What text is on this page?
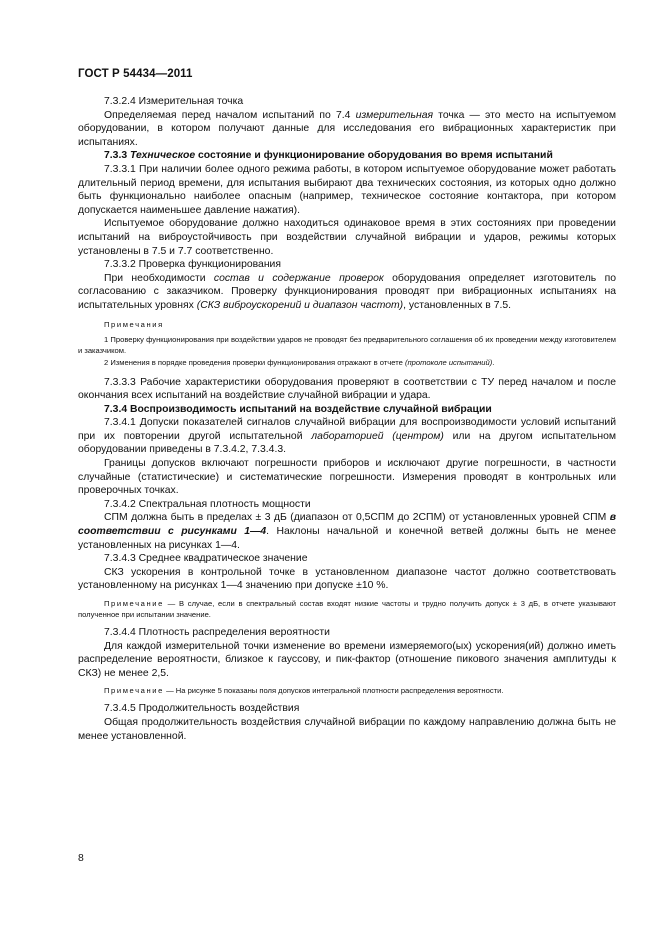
ГОСТ Р 54434—2011

7.3.2.4 Измерительная точка

Определяемая перед началом испытаний по 7.4 измерительная точка — это место на испытуемом оборудовании, в котором получают данные для исследования его вибрационных характеристик при испытаниях.

7.3.3 Техническое состояние и функционирование оборудования во время испытаний

7.3.3.1 При наличии более одного режима работы, в котором испытуемое оборудование может работать длительный период времени, для испытания выбирают два технических состояния, из которых одно должно быть функционально наиболее опасным (например, техническое состояние контактора, при котором допускается наименьшее давление нажатия).

Испытуемое оборудование должно находиться одинаковое время в этих состояниях при проведении испытаний на виброустойчивость при воздействии случайной вибрации и ударов, режимы которых установлены в 7.5 и 7.7 соответственно.

7.3.3.2 Проверка функционирования

При необходимости состав и содержание проверок оборудования определяет изготовитель по согласованию с заказчиком. Проверку функционирования проводят при вибрационных испытаниях на испытательных уровнях (СКЗ виброускорений и диапазон частот), установленных в 7.5.

Примечания

1 Проверку функционирования при воздействии ударов не проводят без предварительного соглашения об их проведении между изготовителем и заказчиком.

2 Изменения в порядке проведения проверки функционирования отражают в отчете (протоколе испытаний).

7.3.3.3 Рабочие характеристики оборудования проверяют в соответствии с ТУ перед началом и после окончания всех испытаний на воздействие случайной вибрации и удара.

7.3.4 Воспроизводимость испытаний на воздействие случайной вибрации

7.3.4.1 Допуски показателей сигналов случайной вибрации для воспроизводимости условий испытаний при их повторении другой испытательной лабораторией (центром) или на другом испытательном оборудовании приведены в 7.3.4.2, 7.3.4.3.

Границы допусков включают погрешности приборов и исключают другие погрешности, в частности случайные (статистические) и систематические погрешности. Измерения проводят в контрольных или проверочных точках.

7.3.4.2 Спектральная плотность мощности

СПМ должна быть в пределах ± 3 дБ (диапазон от 0,5СПМ до 2СПМ) от установленных уровней СПМ в соответствии с рисунками 1—4. Наклоны начальной и конечной ветвей должны быть не менее установленных на рисунках 1—4.

7.3.4.3 Среднее квадратическое значение

СКЗ ускорения в контрольной точке в установленном диапазоне частот должно соответствовать установленному на рисунках 1—4 значению при допуске ±10 %.

Примечание — В случае, если в спектральный состав входят низкие частоты и трудно получить допуск ± 3 дБ, в отчете указывают полученное при испытании значение.

7.3.4.4 Плотность распределения вероятности

Для каждой измерительной точки изменение во времени измеряемого(ых) ускорения(ий) должно иметь распределение вероятности, близкое к гауссову, и пик-фактор (отношение пикового значения амплитуды к СКЗ) не менее 2,5.

Примечание — На рисунке 5 показаны поля допусков интегральной плотности распределения вероятности.

7.3.4.5 Продолжительность воздействия

Общая продолжительность воздействия случайной вибрации по каждому направлению должна быть не менее установленной.

8
